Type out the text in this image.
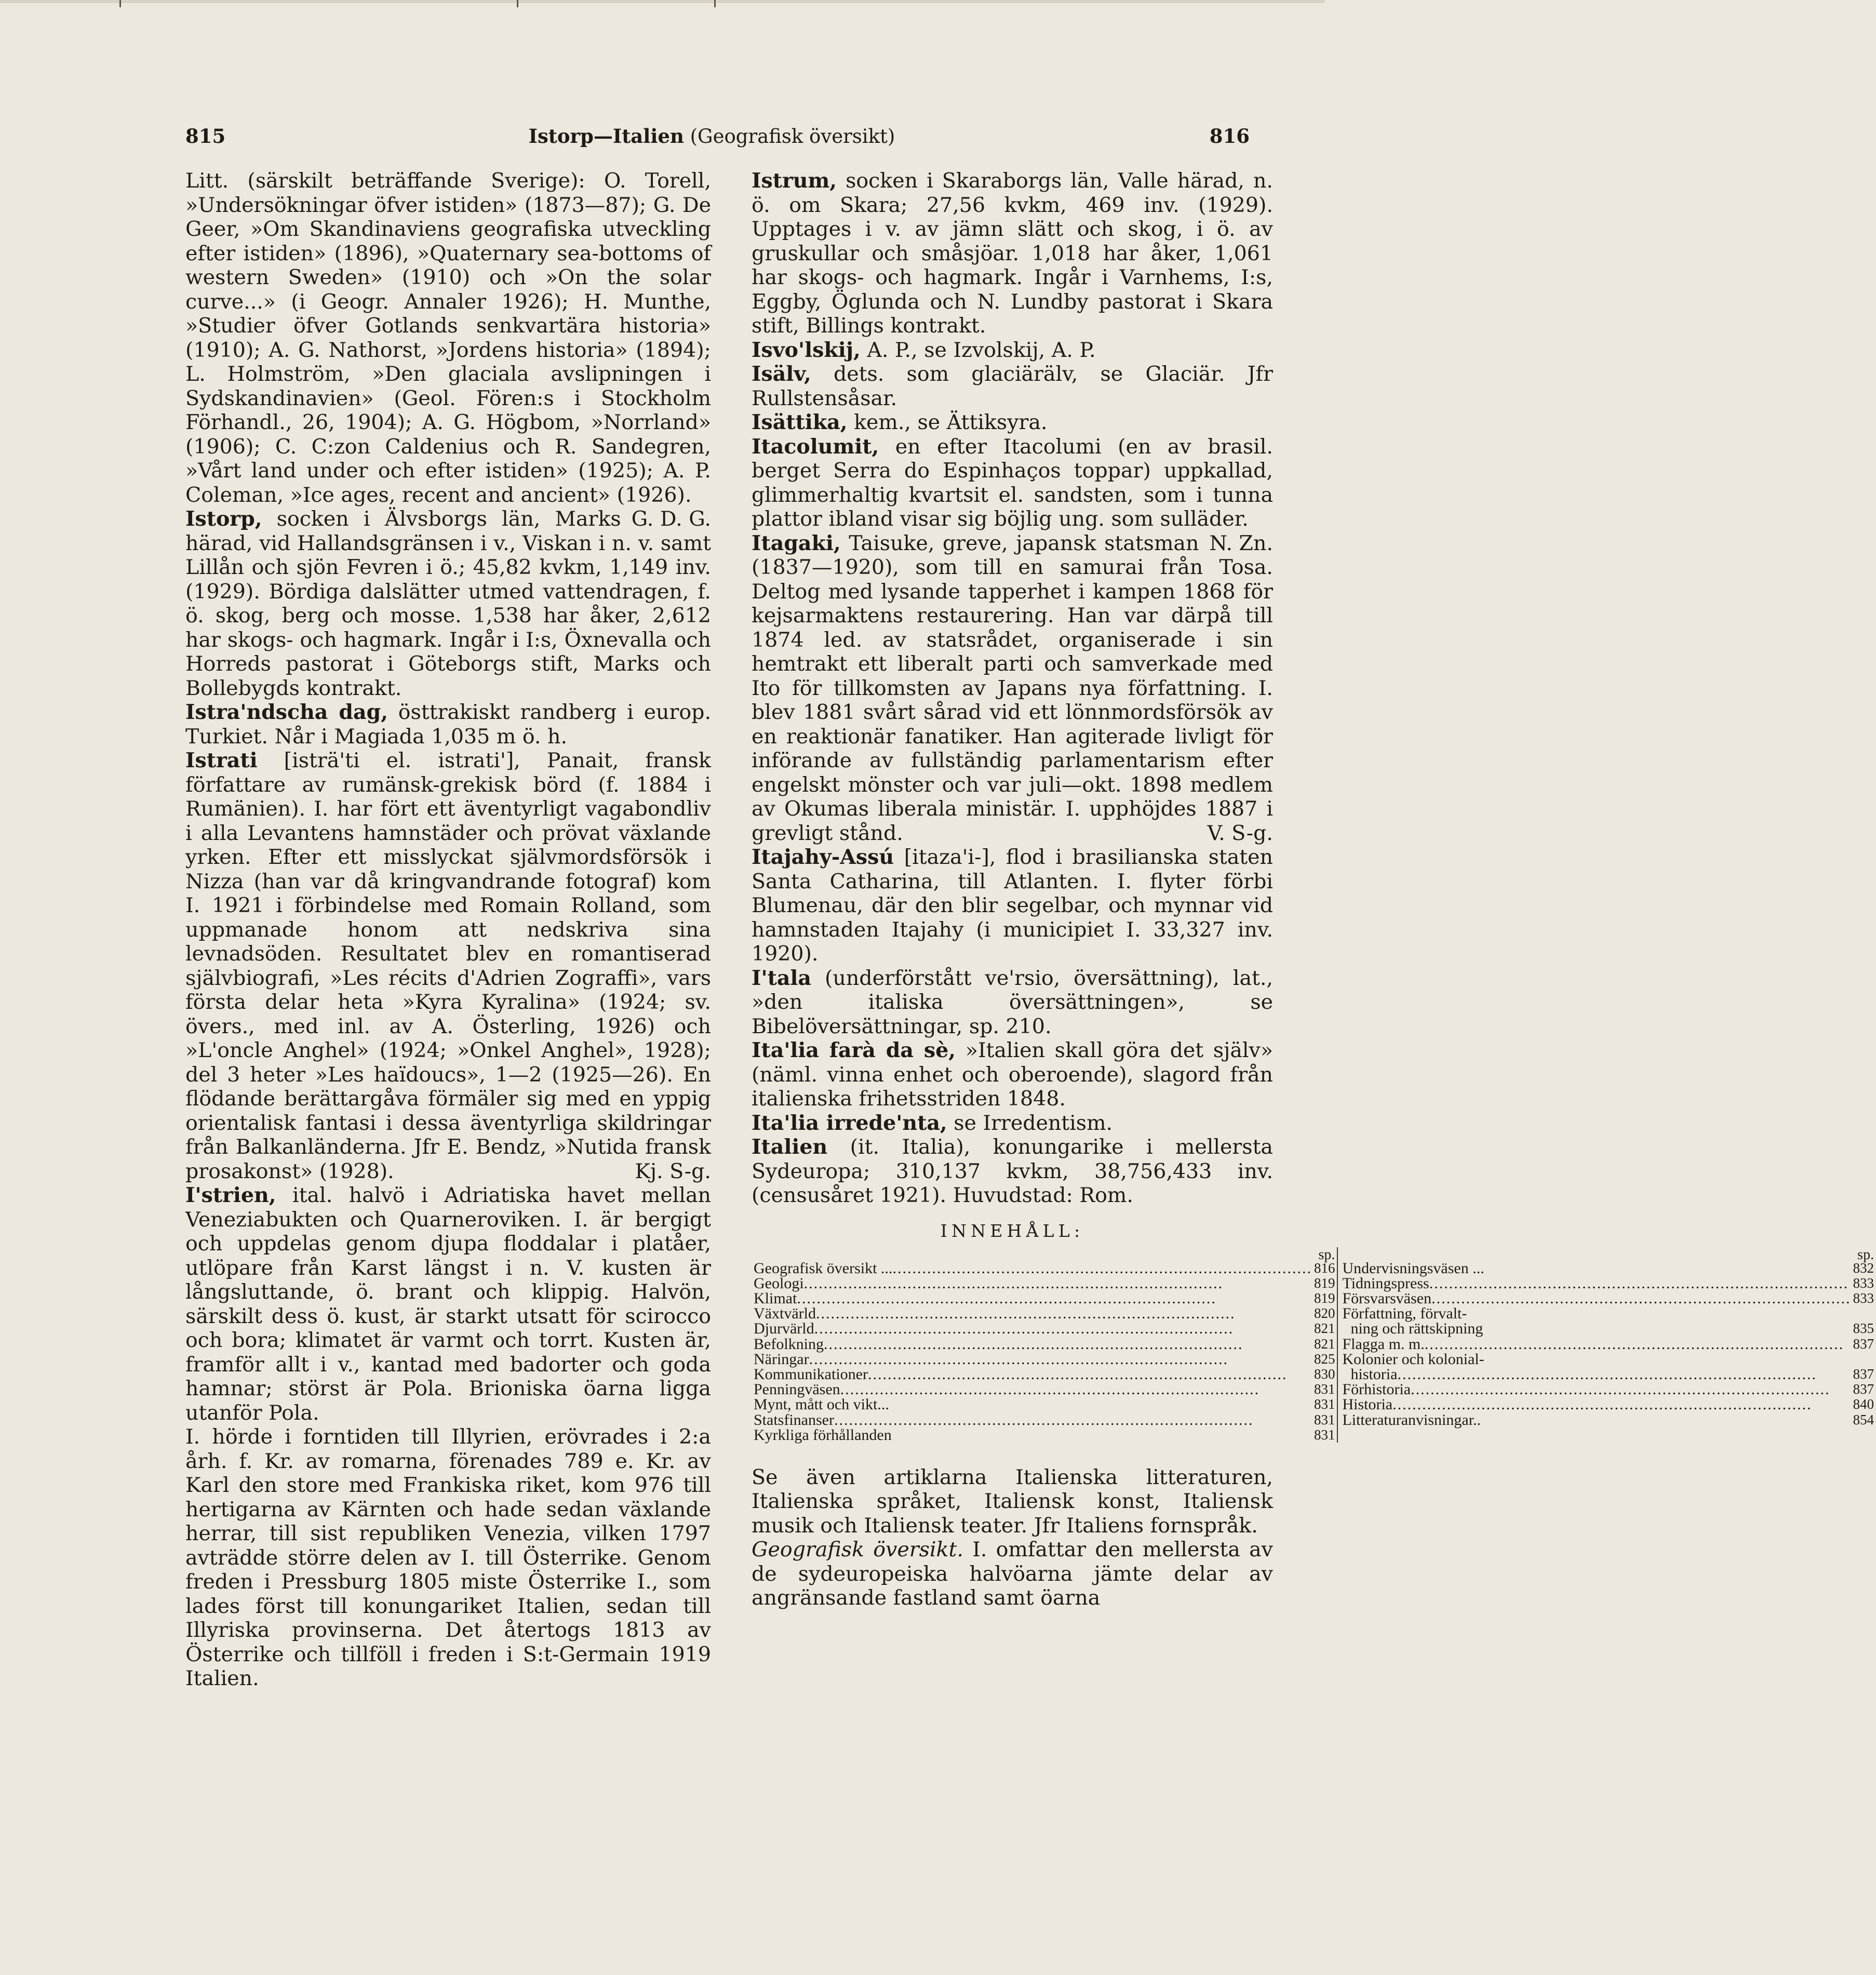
815	Istorp—Italien (Geografisk översikt)	816

Litt. (särskilt beträffande Sverige): O. Torell, »Undersökningar öfver istiden» (1873—87); G. De Geer, »Om Skandinaviens geografiska utveckling efter istiden» (1896), »Quaternary sea-bottoms of western Sweden» (1910) och »On the solar curve...» (i Geogr. Annaler 1926); H. Munthe, »Studier öfver Gotlands senkvartära historia» (1910); A. G. Nathorst, »Jordens historia» (1894); L. Holmström, »Den glaciala avslipningen i Sydskandinavien» (Geol. Fören:s i Stockholm Förhandl., 26, 1904); A. G. Högbom, »Norrland» (1906); C. C:zon Caldenius och R. Sandegren, »Vårt land under och efter istiden» (1925); A. P. Coleman, »Ice ages, recent and ancient» (1926).
G. D. G.

Istorp, socken i Älvsborgs län, Marks härad, vid Hallandsgränsen i v., Viskan i n. v. samt Lillån och sjön Fevren i ö.; 45,82 kvkm, 1,149 inv. (1929). Bördiga dalslätter utmed vattendragen, f. ö. skog, berg och mosse. 1,538 har åker, 2,612 har skogs- och hagmark. Ingår i I:s, Öxnevalla och Horreds pastorat i Göteborgs stift, Marks och Bollebygds kontrakt.

Istra'ndscha dag, östtrakiskt randberg i europ. Turkiet. Når i Magiada 1,035 m ö. h.

Istrati [isträ'ti el. istrati'], Panait, fransk författare av rumänsk-grekisk börd (f. 1884 i Rumänien). I. har fört ett äventyrligt vagabondliv i alla Levantens hamnstäder och prövat växlande yrken. Efter ett misslyckat självmordsförsök i Nizza (han var då kringvandrande fotograf) kom I. 1921 i förbindelse med Romain Rolland, som uppmanade honom att nedskriva sina levnadsöden. Resultatet blev en romantiserad självbiografi, »Les récits d'Adrien Zograffi», vars första delar heta »Kyra Kyralina» (1924; sv. övers., med inl. av A. Österling, 1926) och »L'oncle Anghel» (1924; »Onkel Anghel», 1928); del 3 heter »Les haïdoucs», 1—2 (1925—26). En flödande berättargåva förmäler sig med en yppig orientalisk fantasi i dessa äventyrliga skildringar från Balkanländerna. Jfr E. Bendz, »Nutida fransk prosakonst» (1928).	Kj. S-g.

I'strien, ital. halvö i Adriatiska havet mellan Veneziabukten och Quarneroviken. I. är bergigt och uppdelas genom djupa floddalar i platåer, utlöpare från Karst längst i n. V. kusten är långsluttande, ö. brant och klippig. Halvön, särskilt dess ö. kust, är starkt utsatt för scirocco och bora; klimatet är varmt och torrt. Kusten är, framför allt i v., kantad med badorter och goda hamnar; störst är Pola. Brioniska öarna ligga utanför Pola.

I. hörde i forntiden till Illyrien, erövrades i 2:a årh. f. Kr. av romarna, förenades 789 e. Kr. av Karl den store med Frankiska riket, kom 976 till hertigarna av Kärnten och hade sedan växlande herrar, till sist republiken Venezia, vilken 1797 avträdde större delen av I. till Österrike. Genom freden i Pressburg 1805 miste Österrike I., som lades först till konungariket Italien, sedan till Illyriska provinserna. Det återtogs 1813 av Österrike och tillföll i freden i S:t-Germain 1919 Italien.

Istrum, socken i Skaraborgs län, Valle härad, n. ö. om Skara; 27,56 kvkm, 469 inv. (1929). Upptages i v. av jämn slätt och skog, i ö. av gruskullar och småsjöar. 1,018 har åker, 1,061 har skogs- och hagmark. Ingår i Varnhems, I:s, Eggby, Öglunda och N. Lundby pastorat i Skara stift, Billings kontrakt.

Isvo'lskij, A. P., se Izvolskij, A. P.

Isälv, dets. som glaciärälv, se Glaciär. Jfr Rullstensåsar.

Isättika, kem., se Ättiksyra.

Itacolumit, en efter Itacolumi (en av brasil. berget Serra do Espinhaços toppar) uppkallad, glimmerhaltig kvartsit el. sandsten, som i tunna plattor ibland visar sig böjlig ung. som sulläder.
N. Zn.

Itagaki, Taisuke, greve, japansk statsman (1837—1920), som till en samurai från Tosa. Deltog med lysande tapperhet i kampen 1868 för kejsarmaktens restaurering. Han var därpå till 1874 led. av statsrådet, organiserade i sin hemtrakt ett liberalt parti och samverkade med Ito för tillkomsten av Japans nya författning. I. blev 1881 svårt sårad vid ett lönnmordsförsök av en reaktionär fanatiker. Han agiterade livligt för införande av fullständig parlamentarism efter engelskt mönster och var juli—okt. 1898 medlem av Okumas liberala ministär. I. upphöjdes 1887 i grevligt stånd.	V. S-g.

Itajahy-Assú [itaza'i-], flod i brasilianska staten Santa Catharina, till Atlanten. I. flyter förbi Blumenau, där den blir segelbar, och mynnar vid hamnstaden Itajahy (i municipiet I. 33,327 inv. 1920).

I'tala (underförstått ve'rsio, översättning), lat., »den italiska översättningen», se Bibelöversättningar, sp. 210.

Ita'lia farà da sè, »Italien skall göra det själv» (näml. vinna enhet och oberoende), slagord från italienska frihetsstriden 1848.

Ita'lia irrede'nta, se Irredentism.

Italien (it. Italia), konungarike i mellersta Sydeuropa; 310,137 kvkm, 38,756,433 inv. (censusåret 1921). Huvudstad: Rom.

INNEHÅLL:
sp.
Geografisk översikt ... .....	816
Geologi .....	819
Klimat .....	819
Växtvärld .....	820
Djurvärld .....	821
Befolkning .....	821
Näringar .....	825
Kommunikationer .....	830
Penningväsen .....	831
Mynt, mått och vikt...	831
Statsfinanser .....	831
Kyrkliga förhållanden	831
sp.
Undervisningsväsen ...	832
Tidningspress .....	833
Försvarsväsen .....	833
Författning, förvalt-
ning och rättskipning	835
Flagga m. m. .....	837
Kolonier och kolonial-
historia .....	837
Förhistoria .....	837
Historia .....	840
Litteraturanvisningar..	854

Se även artiklarna Italienska litteraturen, Italienska språket, Italiensk konst, Italiensk musik och Italiensk teater. Jfr Italiens fornspråk.

Geografisk översikt. I. omfattar den mellersta av de sydeuropeiska halvöarna jämte delar av angränsande fastland samt öarna
